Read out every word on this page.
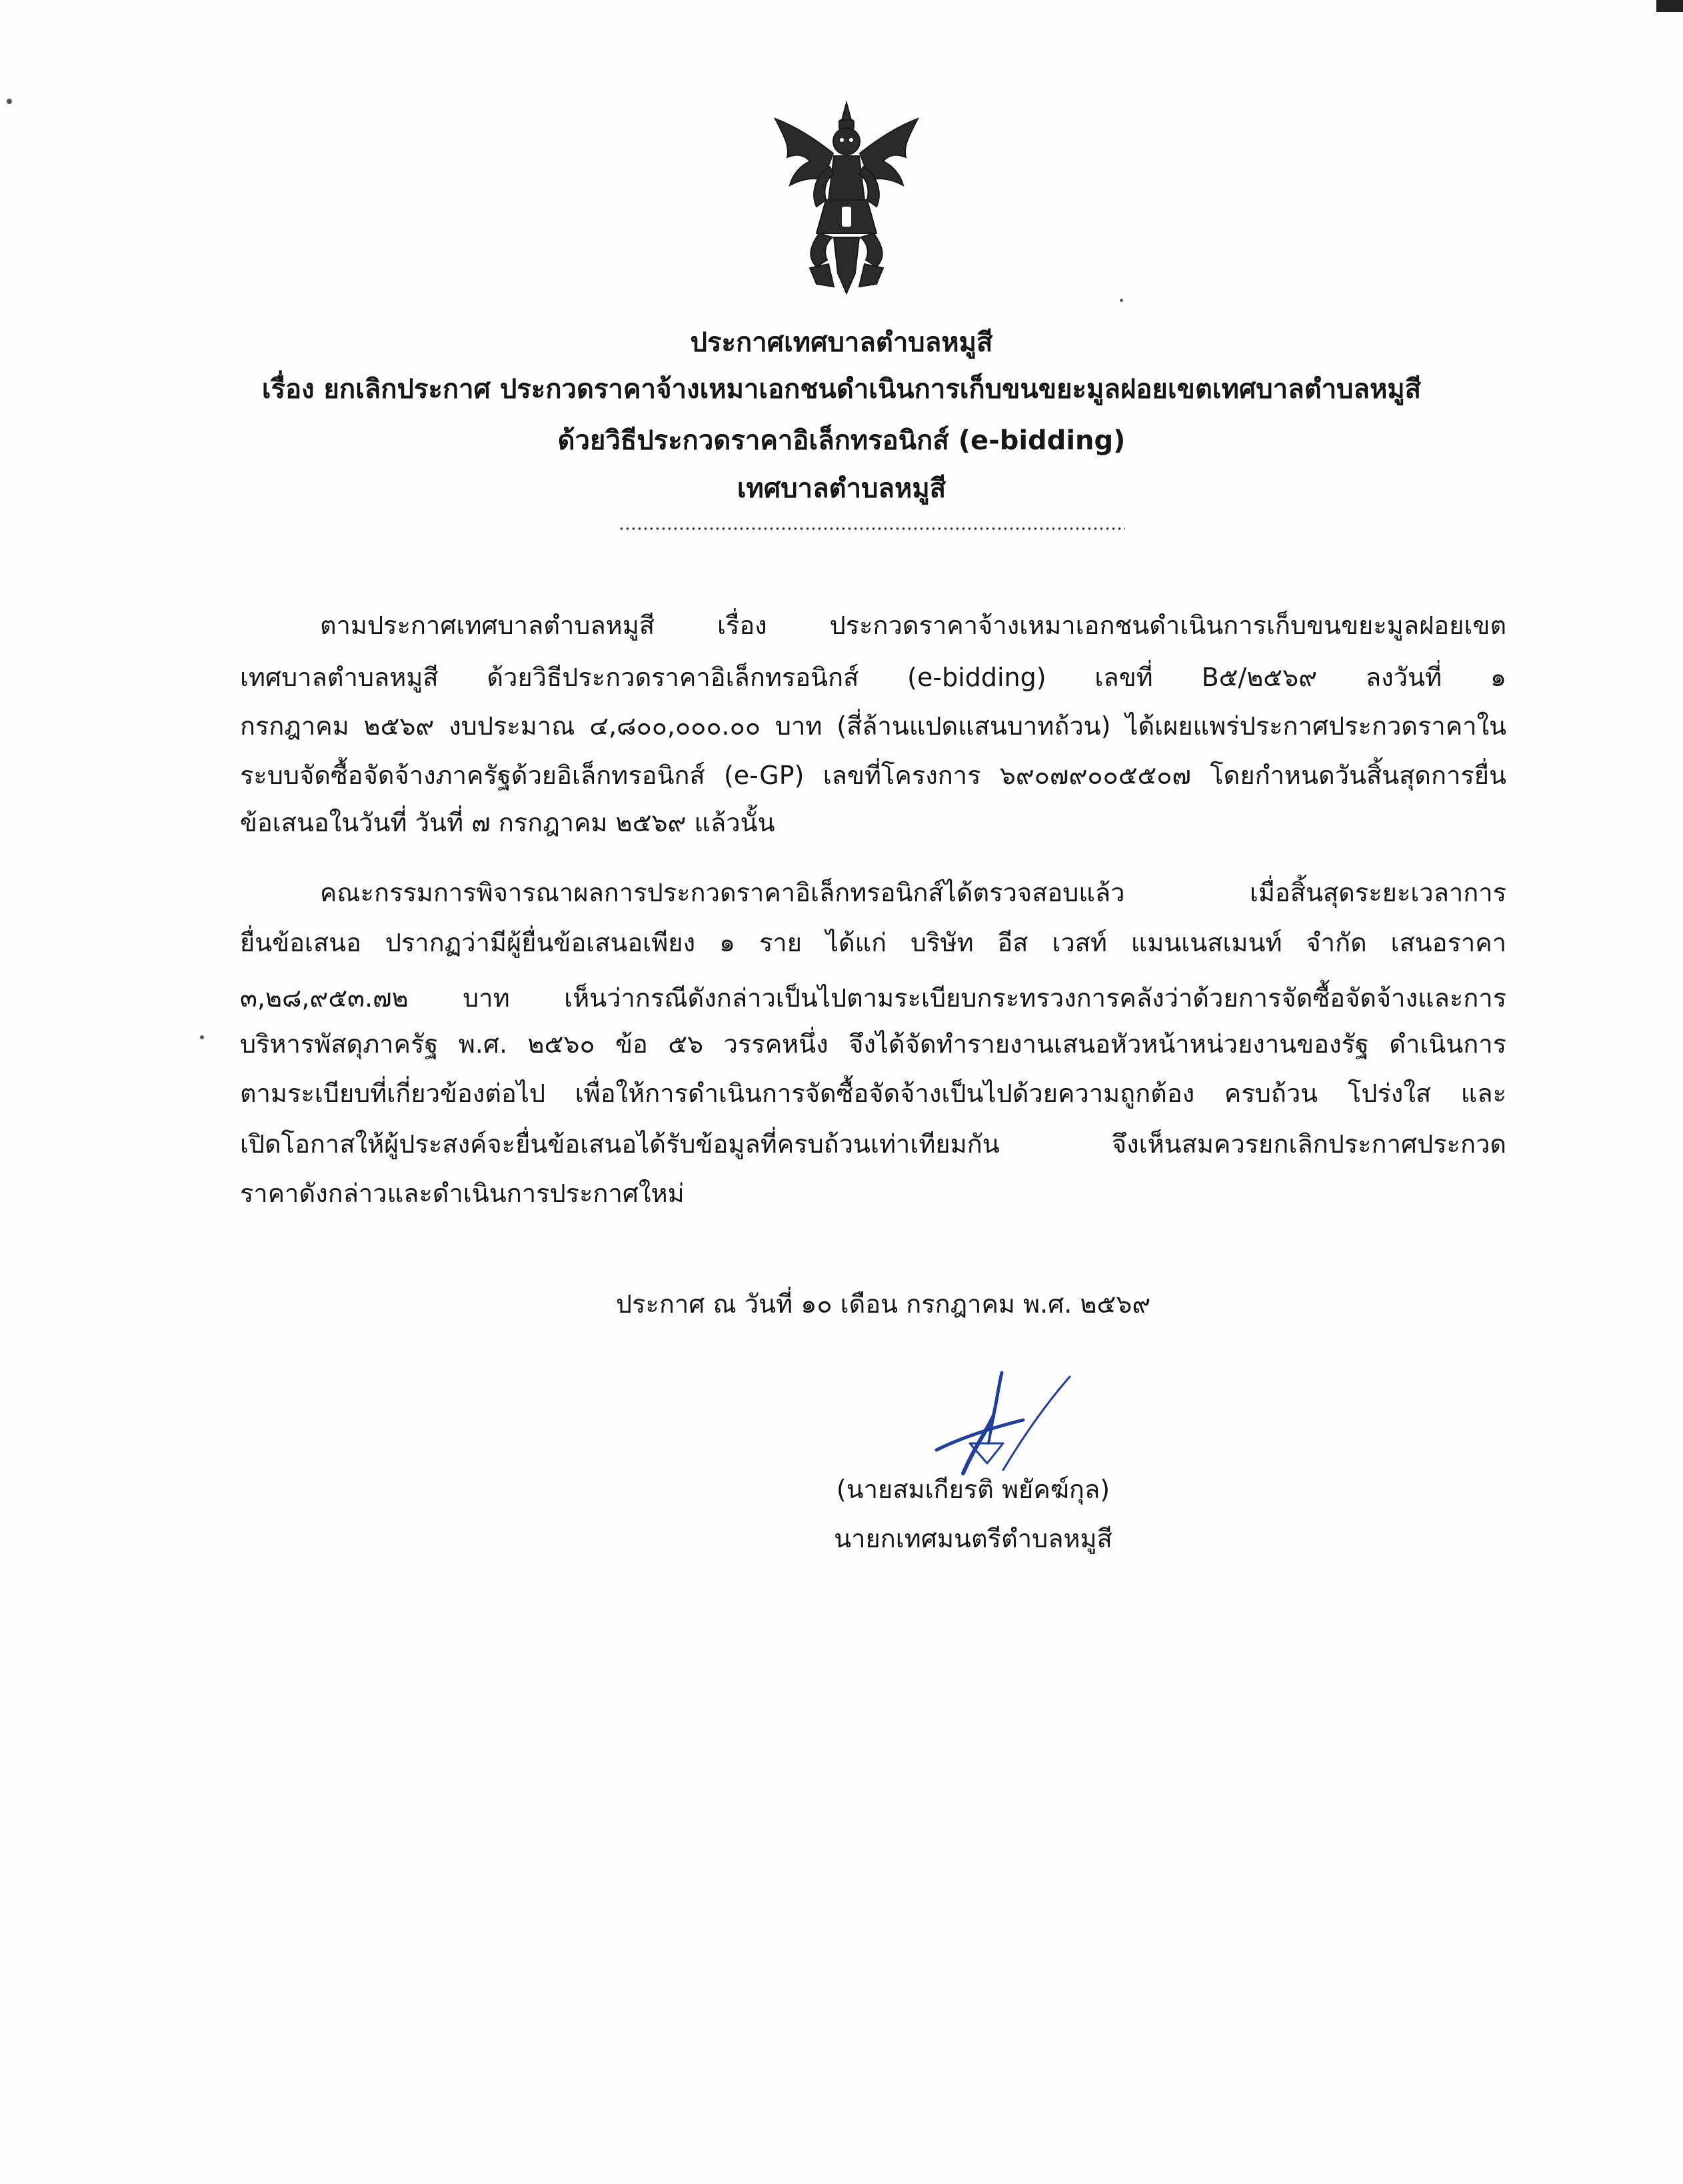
ประกาศเทศบาลตำบลหมูสี
เรื่อง ยกเลิกประกาศ ประกวดราคาจ้างเหมาเอกชนดำเนินการเก็บขนขยะมูลฝอยเขตเทศบาลตำบลหมูสี
ด้วยวิธีประกวดราคาอิเล็กทรอนิกส์ (e-bidding)
เทศบาลตำบลหมูสี
ตามประกาศเทศบาลตำบลหมูสี เรื่อง ประกวดราคาจ้างเหมาเอกชนดำเนินการเก็บขนขยะมูลฝอยเขต
เทศบาลตำบลหมูสี ด้วยวิธีประกวดราคาอิเล็กทรอนิกส์ (e-bidding) เลขที่ B๕/๒๕๖๙ ลงวันที่ ๑
กรกฎาคม ๒๕๖๙ งบประมาณ ๔,๘๐๐,๐๐๐.๐๐ บาท (สี่ล้านแปดแสนบาทถ้วน) ได้เผยแพร่ประกาศประกวดราคาใน
ระบบจัดซื้อจัดจ้างภาครัฐด้วยอิเล็กทรอนิกส์ (e-GP) เลขที่โครงการ ๖๙๐๗๙๐๐๕๕๐๗ โดยกำหนดวันสิ้นสุดการยื่น
ข้อเสนอในวันที่ วันที่ ๗ กรกฎาคม ๒๕๖๙ แล้วนั้น
คณะกรรมการพิจารณาผลการประกวดราคาอิเล็กทรอนิกส์ได้ตรวจสอบแล้ว เมื่อสิ้นสุดระยะเวลาการ
ยื่นข้อเสนอ ปรากฏว่ามีผู้ยื่นข้อเสนอเพียง ๑ ราย ได้แก่ บริษัท อีส เวสท์ แมนเนสเมนท์ จำกัด เสนอราคา
๓,๒๘,๙๕๓.๗๒ บาท เห็นว่ากรณีดังกล่าวเป็นไปตามระเบียบกระทรวงการคลังว่าด้วยการจัดซื้อจัดจ้างและการ
บริหารพัสดุภาครัฐ พ.ศ. ๒๕๖๐ ข้อ ๕๖ วรรคหนึ่ง จึงได้จัดทำรายงานเสนอหัวหน้าหน่วยงานของรัฐ ดำเนินการ
ตามระเบียบที่เกี่ยวข้องต่อไป เพื่อให้การดำเนินการจัดซื้อจัดจ้างเป็นไปด้วยความถูกต้อง ครบถ้วน โปร่งใส และ
เปิดโอกาสให้ผู้ประสงค์จะยื่นข้อเสนอได้รับข้อมูลที่ครบถ้วนเท่าเทียมกัน จึงเห็นสมควรยกเลิกประกาศประกวด
ราคาดังกล่าวและดำเนินการประกาศใหม่
ประกาศ ณ วันที่ ๑๐ เดือน กรกฎาคม พ.ศ. ๒๕๖๙
(นายสมเกียรติ พยัคฆ์กุล)
นายกเทศมนตรีตำบลหมูสี
